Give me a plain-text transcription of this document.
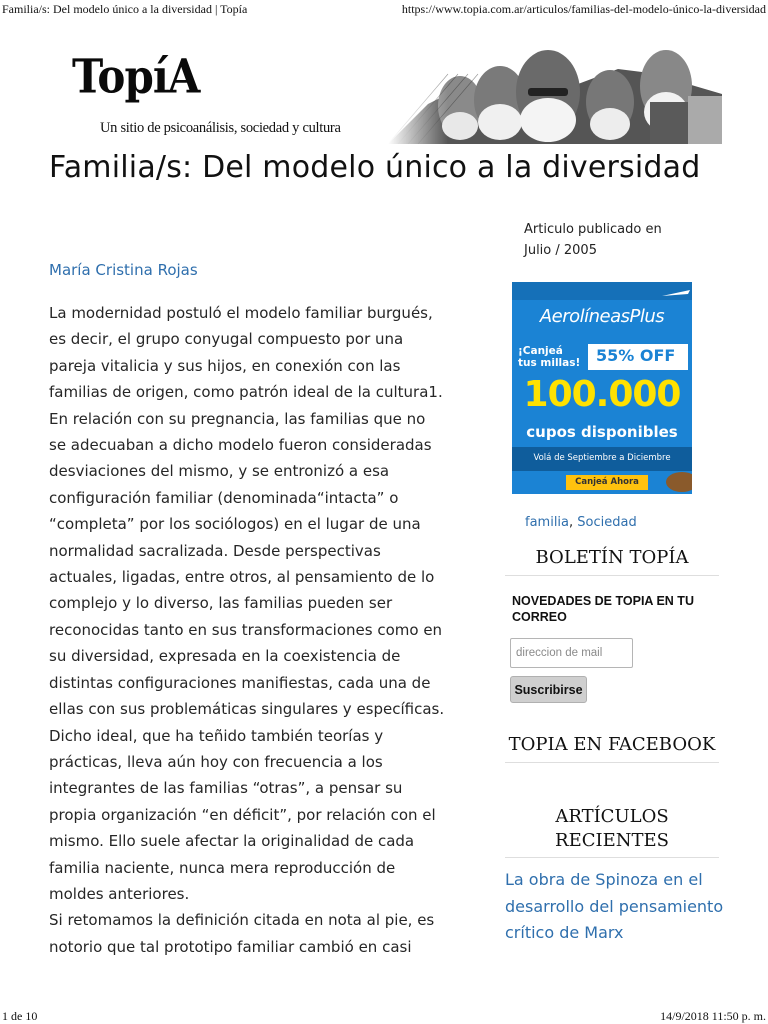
Familia/s: Del modelo único a la diversidad | Topía	https://www.topia.com.ar/articulos/familias-del-modelo-único-la-diversidad
TopíA
Un sitio de psicoanálisis, sociedad y cultura
Familia/s: Del modelo único a la diversidad
María Cristina Rojas

La modernidad postuló el modelo familiar burgués,

es decir, el grupo conyugal compuesto por una

pareja vitalicia y sus hijos, en conexión con las

familias de origen, como patrón ideal de la cultura1.

En relación con su pregnancia, las familias que no

se adecuaban a dicho modelo fueron consideradas

desviaciones del mismo, y se entronizó a esa

configuración familiar (denominada“intacta” o

“completa” por los sociólogos) en el lugar de una

normalidad sacralizada. Desde perspectivas

actuales, ligadas, entre otros, al pensamiento de lo

complejo y lo diverso, las familias pueden ser

reconocidas tanto en sus transformaciones como en

su diversidad, expresada en la coexistencia de

distintas configuraciones manifiestas, cada una de

ellas con sus problemáticas singulares y específicas.

Dicho ideal, que ha teñido también teorías y

prácticas, lleva aún hoy con frecuencia a los

integrantes de las familias “otras”, a pensar su

propia organización “en déficit”, por relación con el

mismo. Ello suele afectar la originalidad de cada

familia naciente, nunca mera reproducción de

moldes anteriores.

Si retomamos la definición citada en nota al pie, es

notorio que tal prototipo familiar cambió en casi

Articulo publicado en
Julio / 2005
AerolíneasPlus
¡Canjeá
tus millas! 55% OFF
100.000
cupos disponibles
Volá de Septiembre a Diciembre
Canjeá Ahora
familia, Sociedad
BOLETÍN TOPÍA
NOVEDADES DE TOPIA EN TU CORREO
direccion de mail
Suscribirse
TOPIA EN FACEBOOK
ARTÍCULOS
RECIENTES
La obra de Spinoza en el desarrollo del pensamiento crítico de Marx
1 de 10	14/9/2018 11:50 p. m.
